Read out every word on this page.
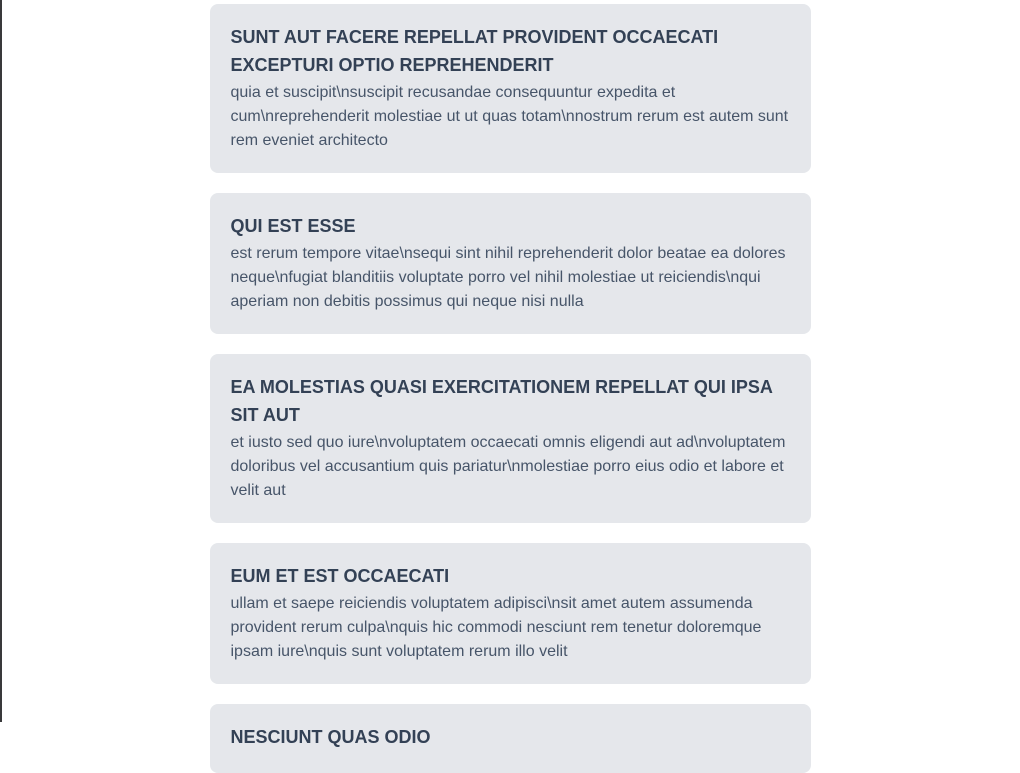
SUNT AUT FACERE REPELLAT PROVIDENT OCCAECATI EXCEPTURI OPTIO REPREHENDERIT

quia et suscipit\nsuscipit recusandae consequuntur expedita et cum\nreprehenderit molestiae ut ut quas totam\nnostrum rerum est autem sunt rem eveniet architecto

QUI EST ESSE

est rerum tempore vitae\nsequi sint nihil reprehenderit dolor beatae ea dolores neque\nfugiat blanditiis voluptate porro vel nihil molestiae ut reiciendis\nqui aperiam non debitis possimus qui neque nisi nulla

EA MOLESTIAS QUASI EXERCITATIONEM REPELLAT QUI IPSA SIT AUT

et iusto sed quo iure\nvoluptatem occaecati omnis eligendi aut ad\nvoluptatem doloribus vel accusantium quis pariatur\nmolestiae porro eius odio et labore et velit aut

EUM ET EST OCCAECATI

ullam et saepe reiciendis voluptatem adipisci\nsit amet autem assumenda provident rerum culpa\nquis hic commodi nesciunt rem tenetur doloremque ipsam iure\nquis sunt voluptatem rerum illo velit

NESCIUNT QUAS ODIO
